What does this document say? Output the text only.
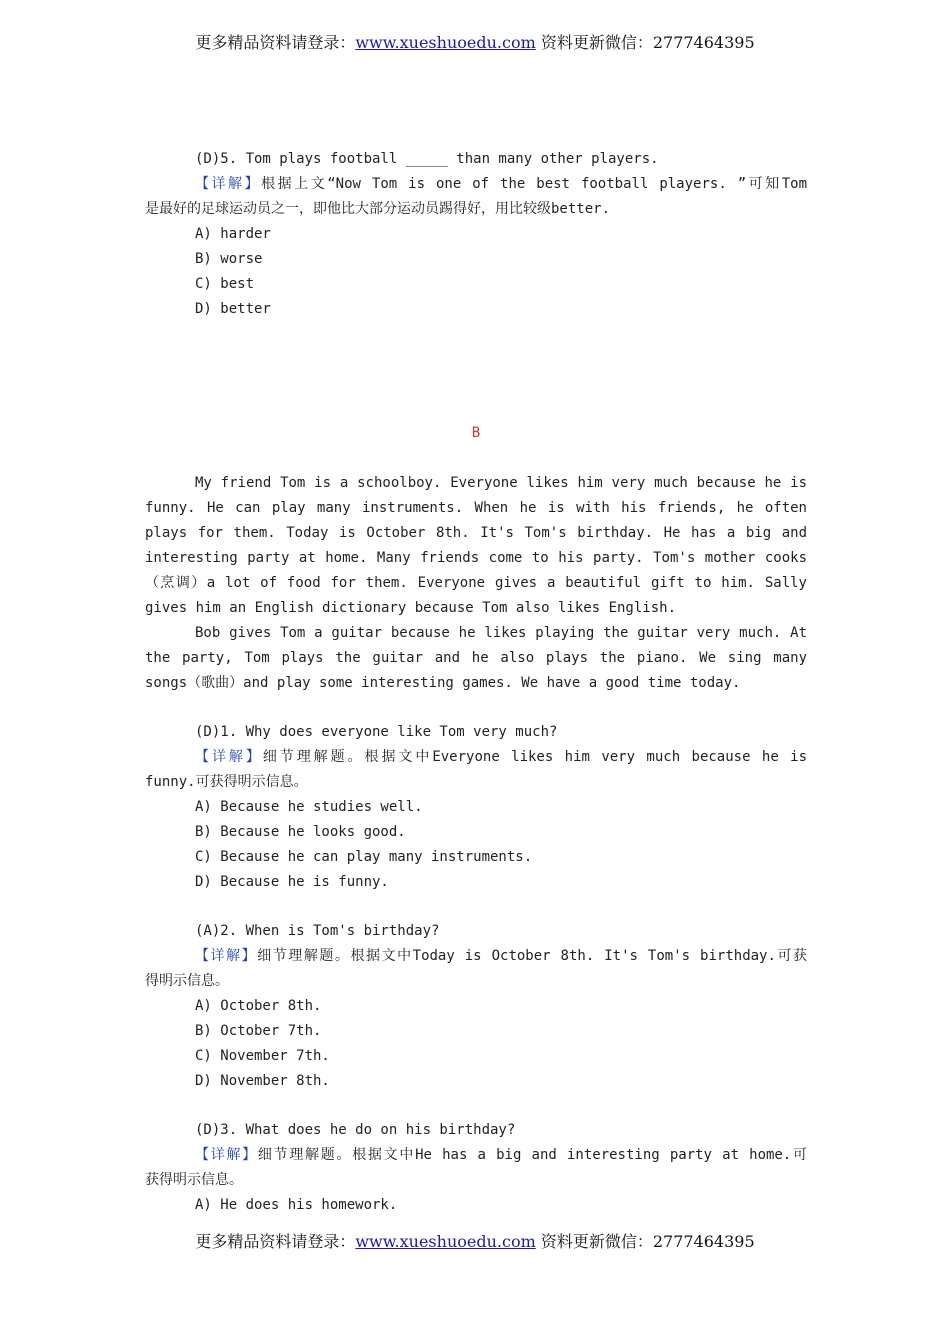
更多精品资料请登录：www.xueshuoedu.com 资料更新微信：2777464395
(D)5. Tom plays football _____ than many other players.
【详解】根据上文“Now Tom is one of the best football players. ”可知Tom
是最好的足球运动员之一，即他比大部分运动员踢得好，用比较级better.
A) harder
B) worse
C) best
D) better
B
My friend Tom is a schoolboy. Everyone likes him very much because he is
funny. He can play many instruments. When he is with his friends, he often
plays for them. Today is October 8th. It's Tom's birthday. He has a big and
interesting party at home. Many friends come to his party. Tom's mother cooks
（烹调）a lot of food for them. Everyone gives a beautiful gift to him. Sally
gives him an English dictionary because Tom also likes English.
Bob gives Tom a guitar because he likes playing the guitar very much. At
the party, Tom plays the guitar and he also plays the piano. We sing many
songs（歌曲）and play some interesting games. We have a good time today.
(D)1. Why does everyone like Tom very much?
【详解】细节理解题。根据文中Everyone likes him very much because he is
funny.可获得明示信息。
A) Because he studies well.
B) Because he looks good.
C) Because he can play many instruments.
D) Because he is funny.
(A)2. When is Tom's birthday?
【详解】细节理解题。根据文中Today is October 8th. It's Tom's birthday.可获
得明示信息。
A) October 8th.
B) October 7th.
C) November 7th.
D) November 8th.
(D)3. What does he do on his birthday?
【详解】细节理解题。根据文中He has a big and interesting party at home.可
获得明示信息。
A) He does his homework.
更多精品资料请登录：www.xueshuoedu.com 资料更新微信：2777464395
